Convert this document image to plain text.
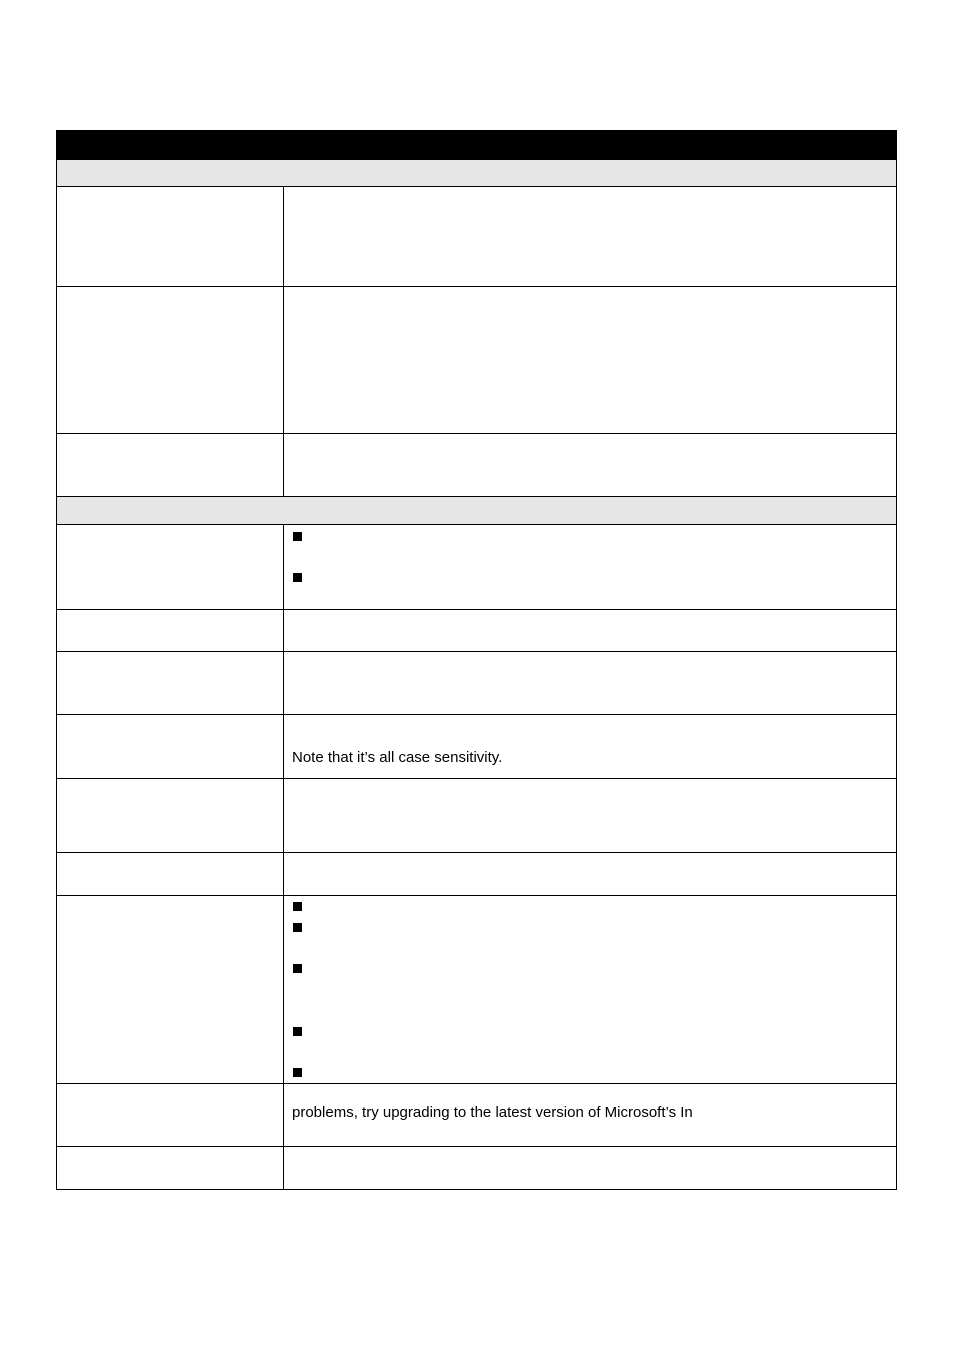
Note that it’s all case sensitivity.
problems, try upgrading to the latest version of Microsoft’s In
